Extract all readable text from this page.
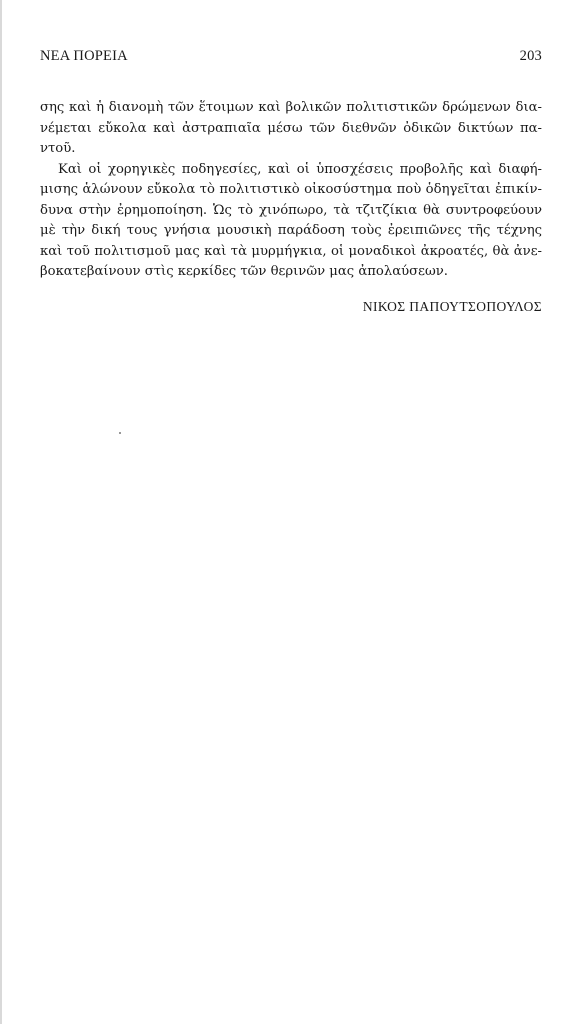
ΝΕΑ ΠΟΡΕΙΑ	203
σης καὶ ἡ διανομὴ τῶν ἕτοιμων καὶ βολικῶν πολιτιστικῶν δρώμενων δια-
νέμεται εὔκολα καὶ ἀστραπιαῖα μέσω τῶν διεθνῶν ὀδικῶν δικτύων πα-
ντοῦ.
Καὶ οἱ χορηγικὲς ποδηγεσίες, καὶ οἱ ὑποσχέσεις προβολῆς καὶ διαφή-
μισης ἁλώνουν εὔκολα τὸ πολιτιστικὸ οἰκοσύστημα ποὺ ὁδηγεῖται ἐπικίν-
δυνα στὴν ἐρημοποίηση. Ὡς τὸ χινόπωρο, τὰ τζιτζίκια θὰ συντροφεύουν
μὲ τὴν δική τους γνήσια μουσικὴ παράδοση τοὺς ἐρειπιῶνες τῆς τέχνης
καὶ τοῦ πολιτισμοῦ μας καὶ τὰ μυρμήγκια, οἱ μοναδικοὶ ἀκροατές, θὰ ἀνε-
βοκατεβαίνουν στὶς κερκίδες τῶν θερινῶν μας ἀπολαύσεων.
ΝΙΚΟΣ ΠΑΠΟΥΤΣΟΠΟΥΛΟΣ
